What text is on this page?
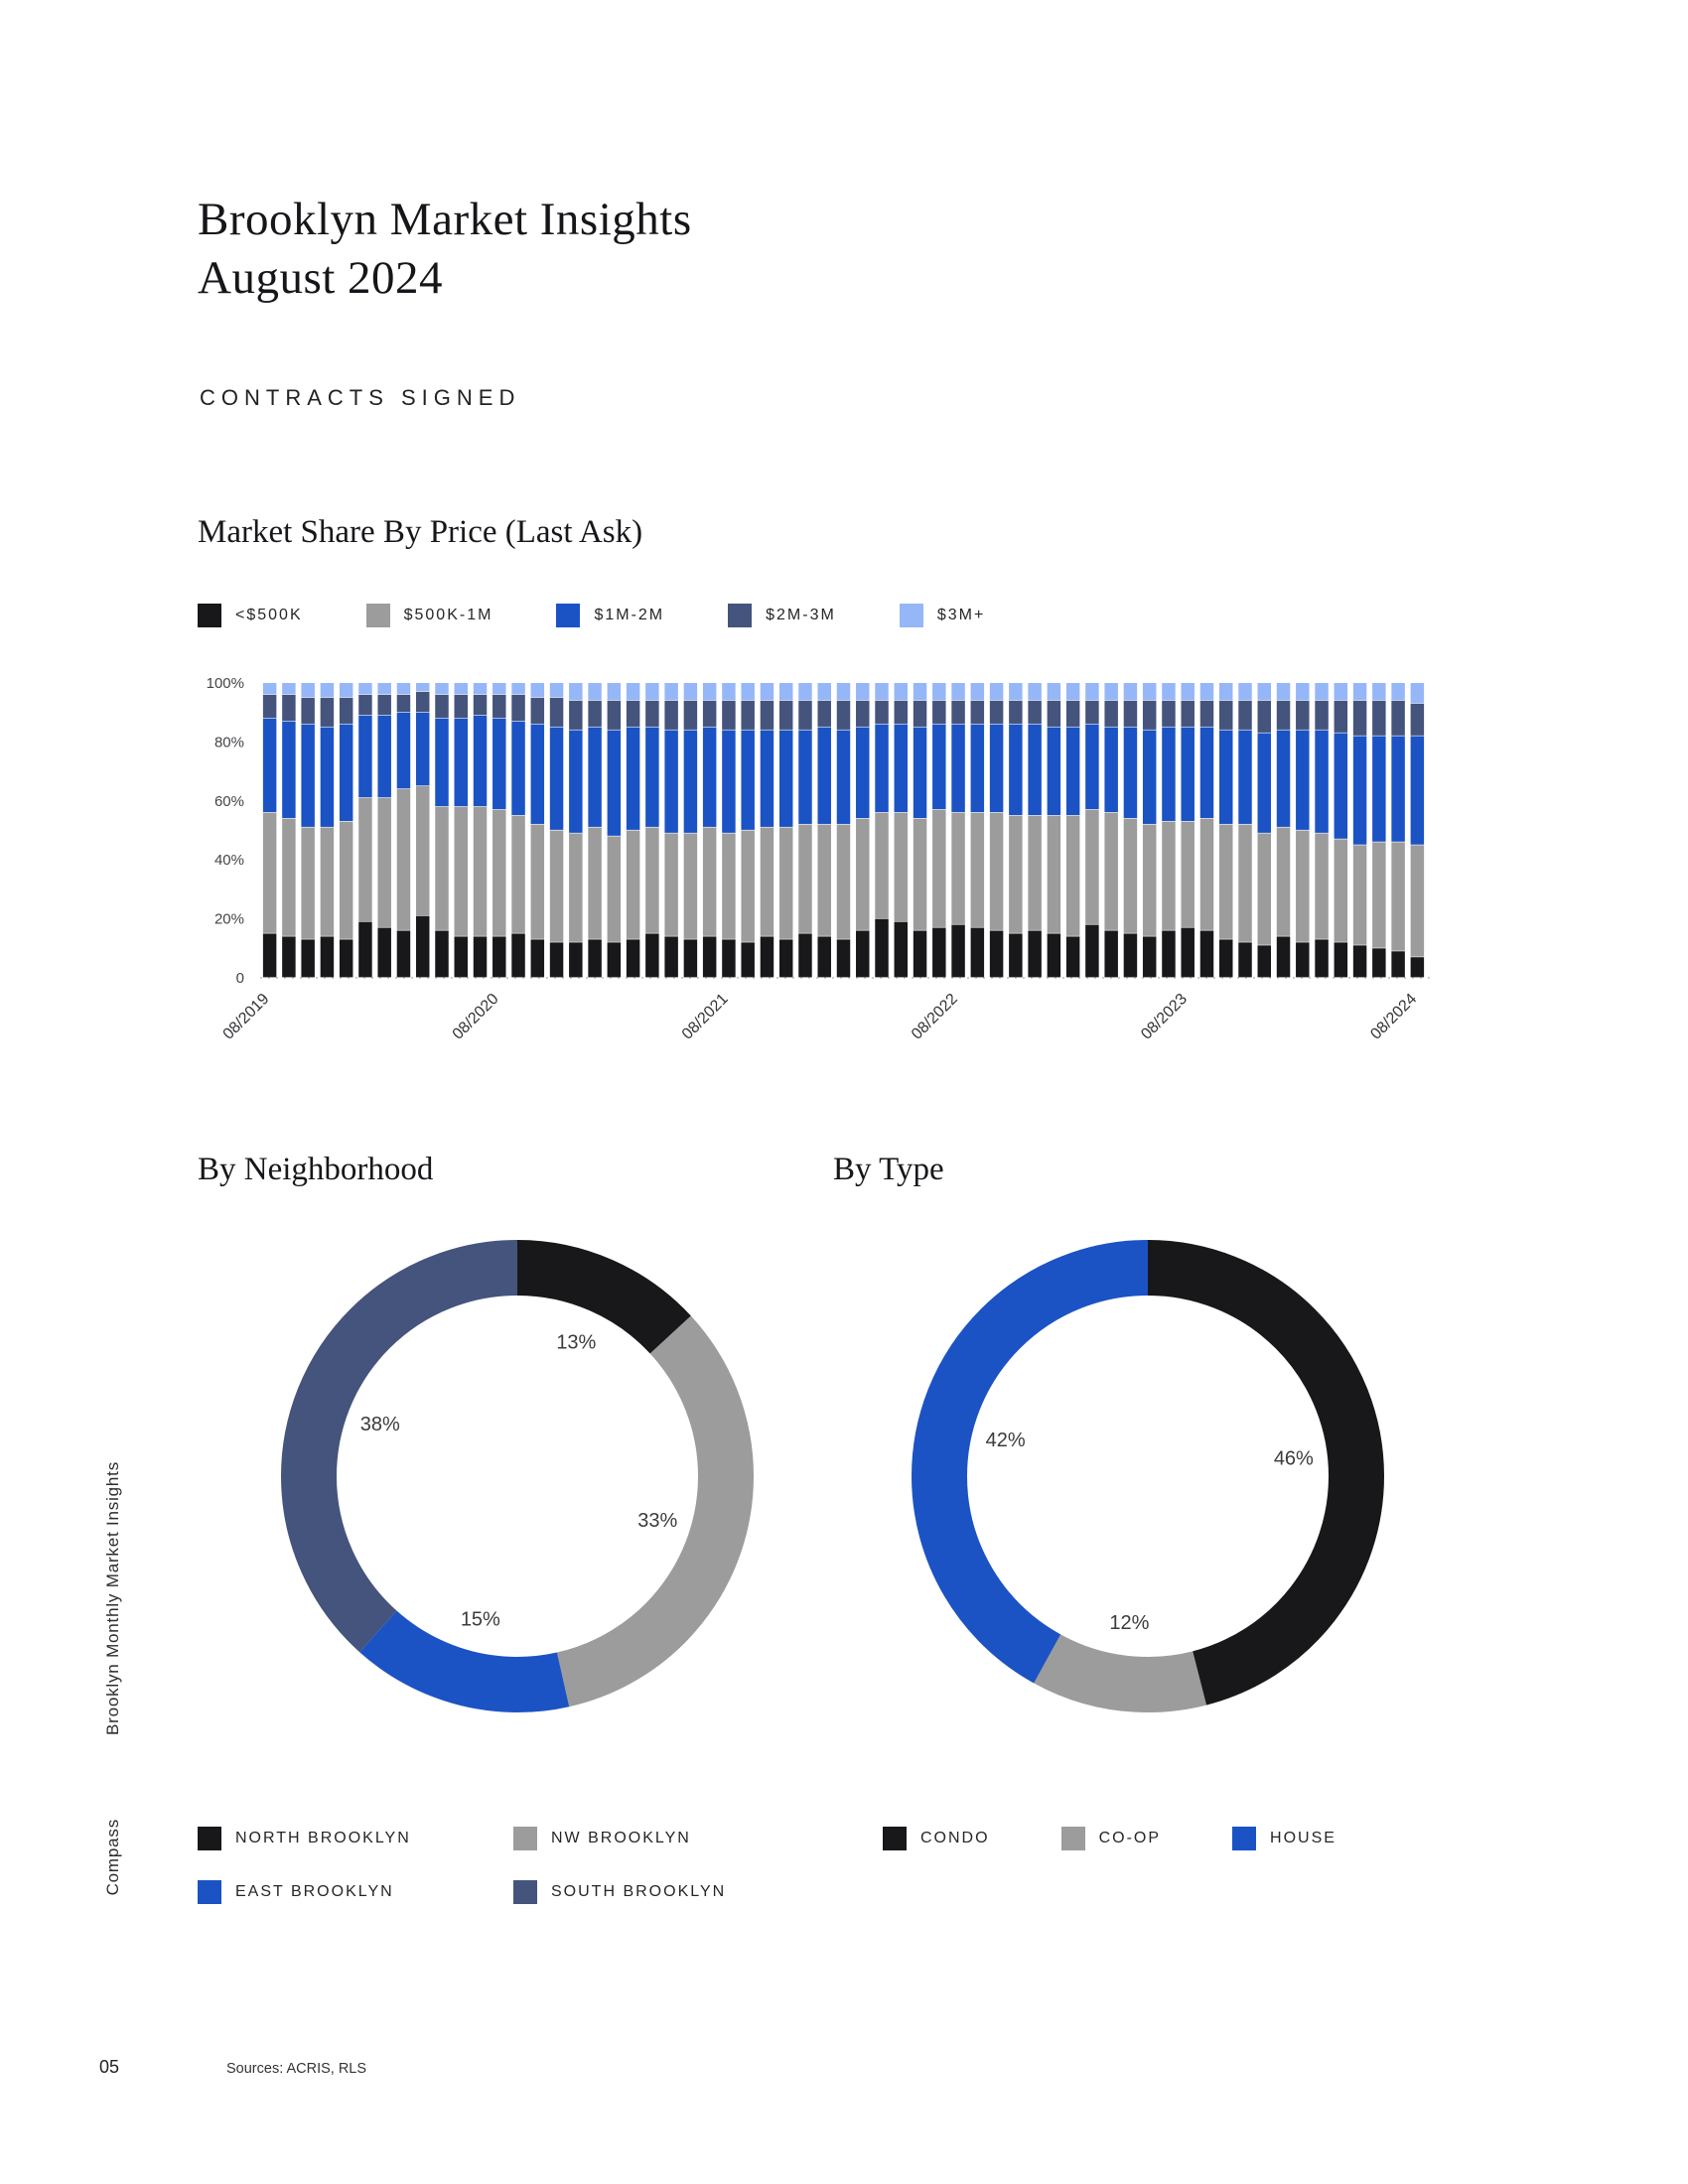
Brooklyn Market Insights
August 2024
CONTRACTS SIGNED
Market Share By Price (Last Ask)
<$500K	$500K-1M	$1M-2M	$2M-3M	$3M+
100%
80%
60%
40%
20%
0
08/2019	08/2020	08/2021	08/2022	08/2023	08/2024
By Neighborhood	By Type
13%
33%
15%
38%
46%
12%
42%
NORTH BROOKLYN	NW BROOKLYN
EAST BROOKLYN	SOUTH BROOKLYN
CONDO	CO-OP	HOUSE
Brooklyn Monthly Market Insights
Compass
05	Sources: ACRIS, RLS
